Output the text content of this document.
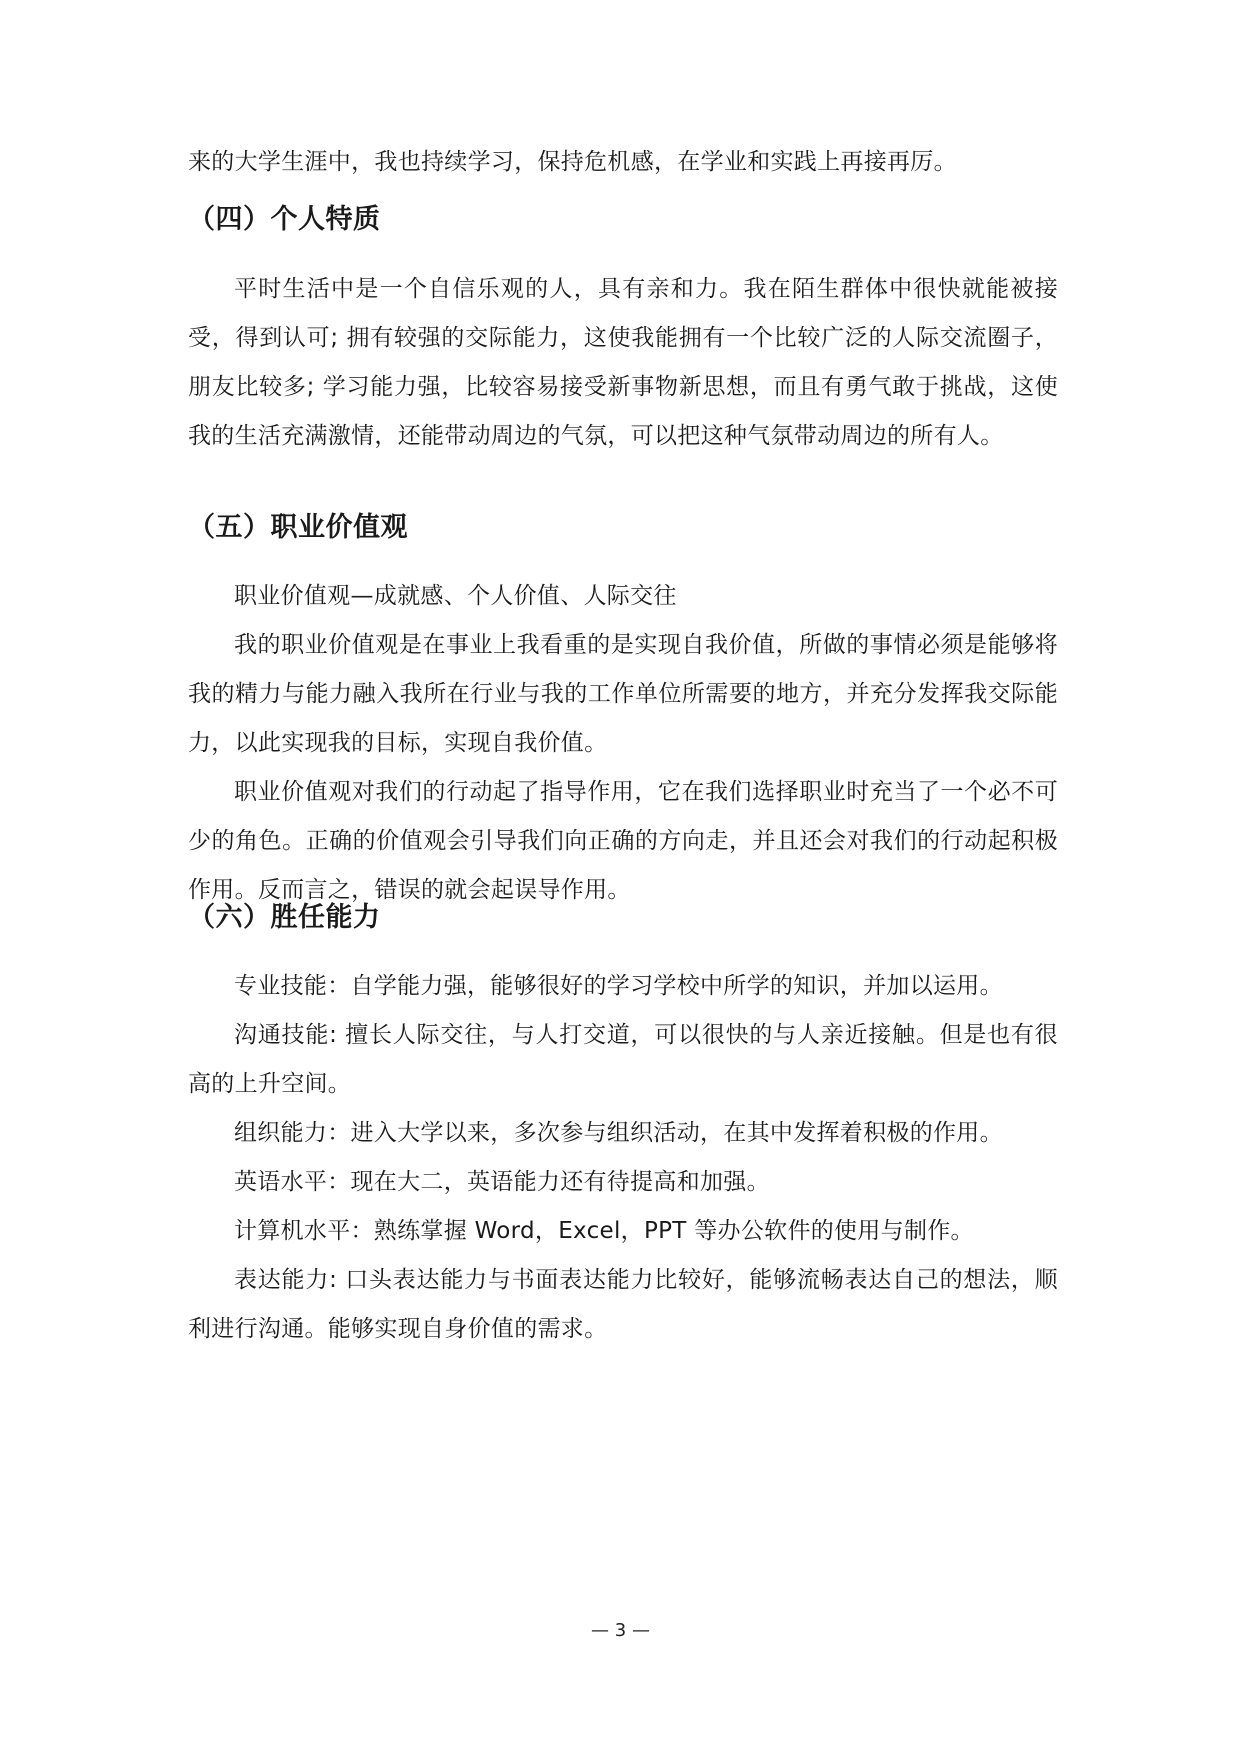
来的大学生涯中，我也持续学习，保持危机感，在学业和实践上再接再厉。

（四）个人特质

平时生活中是一个自信乐观的人，具有亲和力。我在陌生群体中很快就能被接受，得到认可; 拥有较强的交际能力，这使我能拥有一个比较广泛的人际交流圈子，朋友比较多; 学习能力强，比较容易接受新事物新思想，而且有勇气敢于挑战，这使我的生活充满激情，还能带动周边的气氛，可以把这种气氛带动周边的所有人。

（五）职业价值观

职业价值观—成就感、个人价值、人际交往

我的职业价值观是在事业上我看重的是实现自我价值，所做的事情必须是能够将我的精力与能力融入我所在行业与我的工作单位所需要的地方，并充分发挥我交际能力，以此实现我的目标，实现自我价值。

职业价值观对我们的行动起了指导作用，它在我们选择职业时充当了一个必不可少的角色。正确的价值观会引导我们向正确的方向走，并且还会对我们的行动起积极作用。反而言之，错误的就会起误导作用。

（六）胜任能力

专业技能：自学能力强，能够很好的学习学校中所学的知识，并加以运用。

沟通技能: 擅长人际交往，与人打交道，可以很快的与人亲近接触。但是也有很高的上升空间。

组织能力：进入大学以来，多次参与组织活动，在其中发挥着积极的作用。

英语水平：现在大二，英语能力还有待提高和加强。

计算机水平：熟练掌握 Word，Excel，PPT 等办公软件的使用与制作。

表达能力: 口头表达能力与书面表达能力比较好，能够流畅表达自己的想法，顺利进行沟通。能够实现自身价值的需求。

— 3 —
